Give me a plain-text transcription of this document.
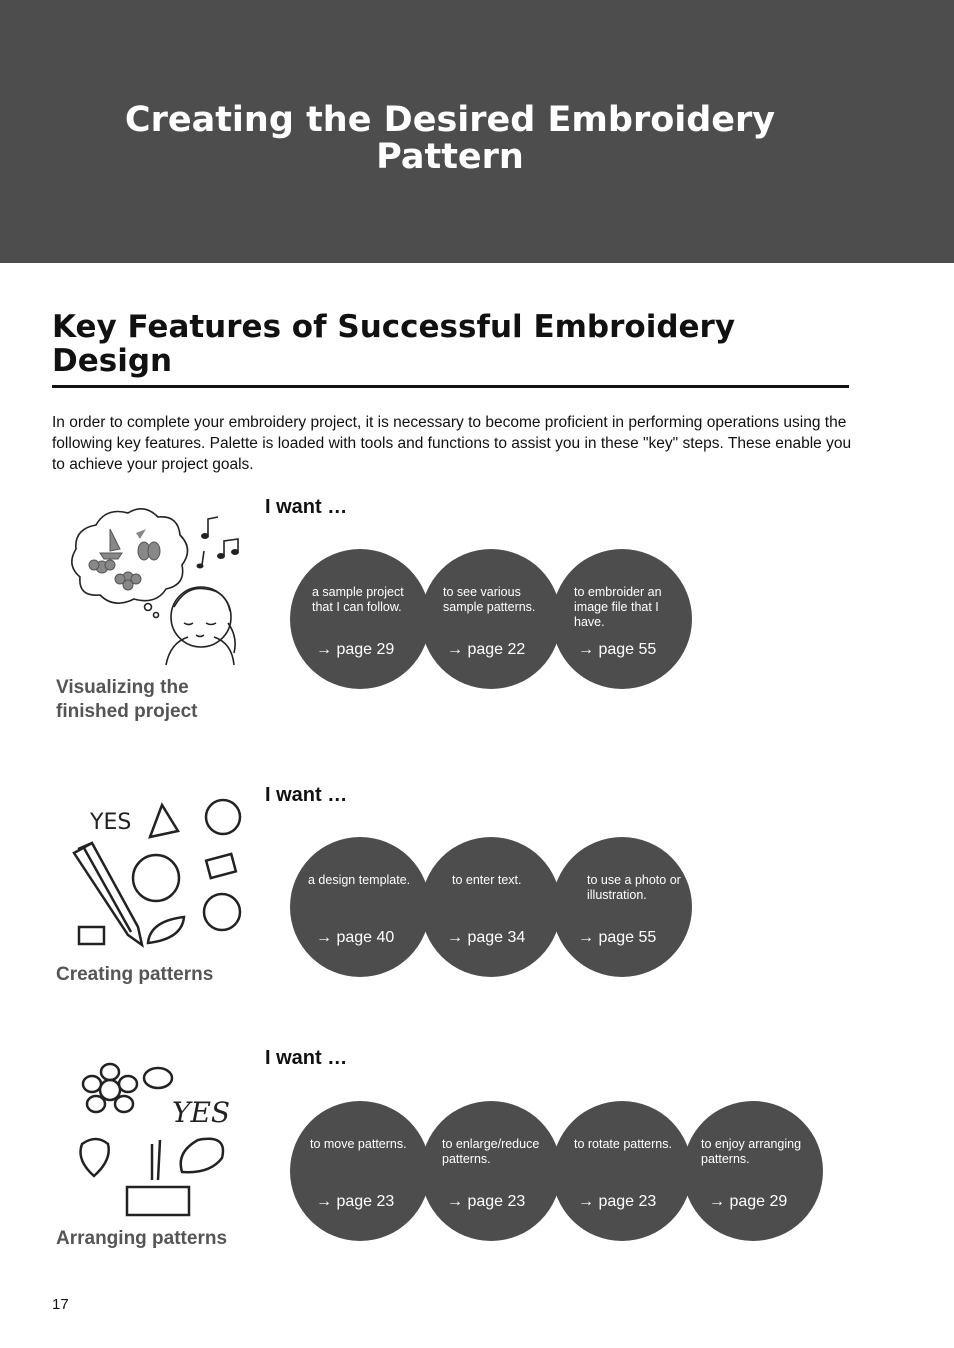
Creating the Desired Embroidery
Pattern
Key Features of Successful Embroidery
Design
In order to complete your embroidery project, it is necessary to become proficient in performing operations using the following key features. Palette is loaded with tools and functions to assist you in these "key" steps. These enable you to achieve your project goals.
Visualizing the
finished project
I want …
a sample project that I can follow.
→ page 29
to see various sample patterns.
→ page 22
to embroider an image file that I have.
→ page 55
YES
Creating patterns
I want …
a design template.
→ page 40
to enter text.
→ page 34
to use a photo or illustration.
→ page 55
YES
Arranging patterns
I want …
to move patterns.
→ page 23
to enlarge/reduce patterns.
→ page 23
to rotate patterns.
→ page 23
to enjoy arranging patterns.
→ page 29
17
